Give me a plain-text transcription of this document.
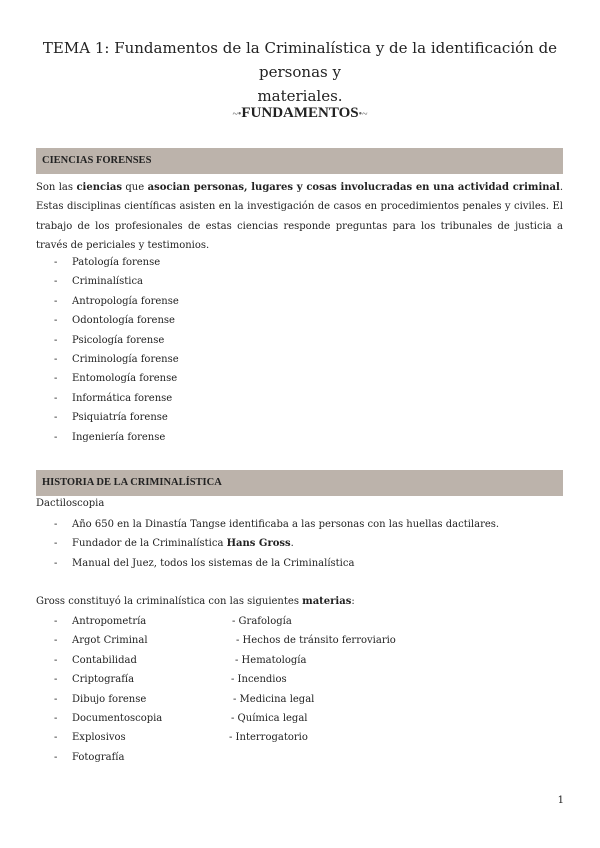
TEMA 1: Fundamentos de la Criminalística y de la identificación de personas y
materiales.
~•FUNDAMENTOS•~
CIENCIAS FORENSES
Son las ciencias que asocian personas, lugares y cosas involucradas en una actividad criminal. Estas disciplinas científicas asisten en la investigación de casos en procedimientos penales y civiles. El trabajo de los profesionales de estas ciencias responde preguntas para los tribunales de justicia a través de periciales y testimonios.
- Patología forense
- Criminalística
- Antropología forense
- Odontología forense
- Psicología forense
- Criminología forense
- Entomología forense
- Informática forense
- Psiquiatría forense
- Ingeniería forense
HISTORIA DE LA CRIMINALÍSTICA
Dactiloscopia
- Año 650 en la Dinastía Tangse identificaba a las personas con las huellas dactilares.
- Fundador de la Criminalística Hans Gross.
- Manual del Juez, todos los sistemas de la Criminalística
Gross constituyó la criminalística con las siguientes materias:
- Antropometría	- Grafología
- Argot Criminal	- Hechos de tránsito ferroviario
- Contabilidad	- Hematología
- Criptografía	- Incendios
- Dibujo forense	- Medicina legal
- Documentoscopia	- Química legal
- Explosivos	- Interrogatorio
- Fotografía
1
